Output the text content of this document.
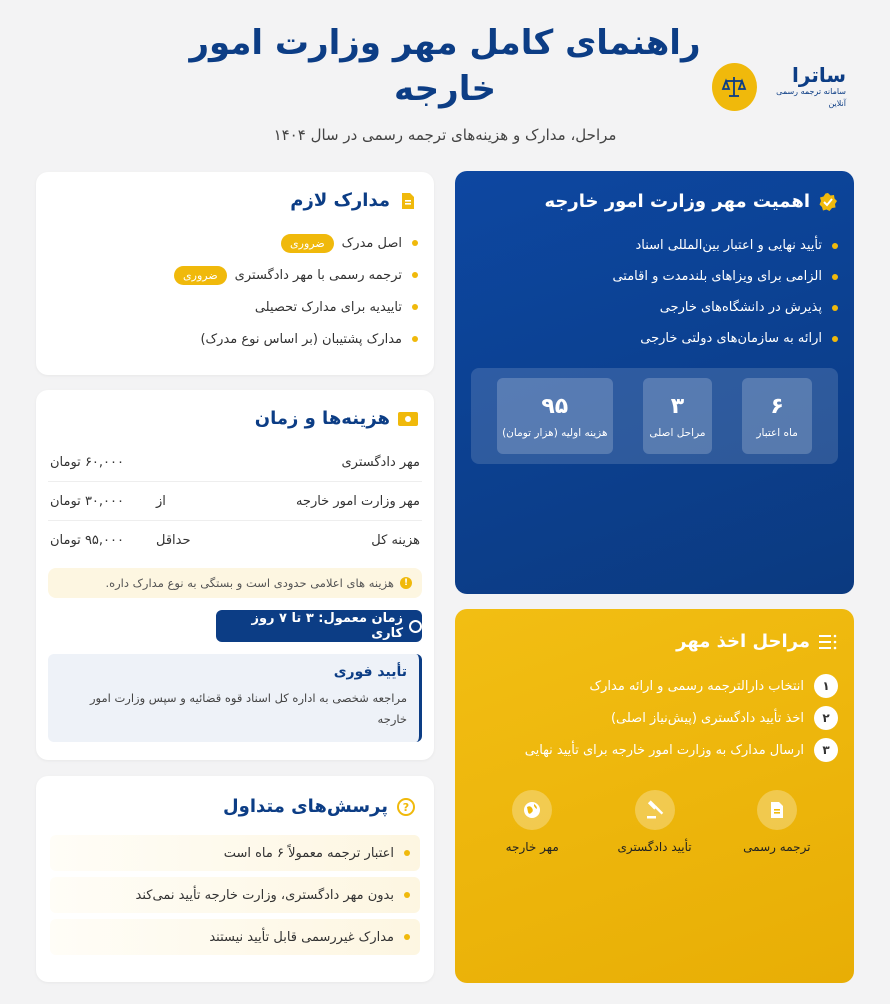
راهنمای کامل مهر وزارت امور خارجه
مراحل، مدارک و هزینه‌های ترجمه رسمی در سال ۱۴۰۴
ساترا
سامانه ترجمه رسمی آنلاین
مدارک لازم
اصل مدرک
ضروری
ترجمه رسمی با مهر دادگستری
ضروری
تاییدیه برای مدارک تحصیلی
مدارک پشتیبان (بر اساس نوع مدرک)
هزینه‌ها و زمان
مهر دادگستری
۶۰,۰۰۰ تومان
مهر وزارت امور خارجه
از
۳۰,۰۰۰ تومان
هزینه کل
حداقل
۹۵,۰۰۰ تومان
!
هزینه های اعلامی حدودی است و بستگی به نوع مدارک داره.
زمان معمول: ۳ تا ۷ روز کاری
تأیید فوری
مراجعه شخصی به اداره کل اسناد قوه قضائیه و سپس وزارت امور خارجه
?
پرسش‌های متداول
اعتبار ترجمه معمولاً ۶ ماه است
بدون مهر دادگستری، وزارت خارجه تأیید نمی‌کند
مدارک غیررسمی قابل تأیید نیستند
اهمیت مهر وزارت امور خارجه
تأیید نهایی و اعتبار بین‌المللی اسناد
الزامی برای ویزاهای بلندمدت و اقامتی
پذیرش در دانشگاه‌های خارجی
ارائه به سازمان‌های دولتی خارجی
۶
ماه اعتبار
۳
مراحل اصلی
۹۵
هزینه اولیه (هزار تومان)
مراحل اخذ مهر
۱
انتخاب دارالترجمه رسمی و ارائه مدارک
۲
اخذ تأیید دادگستری (پیش‌نیاز اصلی)
۳
ارسال مدارک به وزارت امور خارجه برای تأیید نهایی
ترجمه رسمی
تأیید دادگستری
مهر خارجه
